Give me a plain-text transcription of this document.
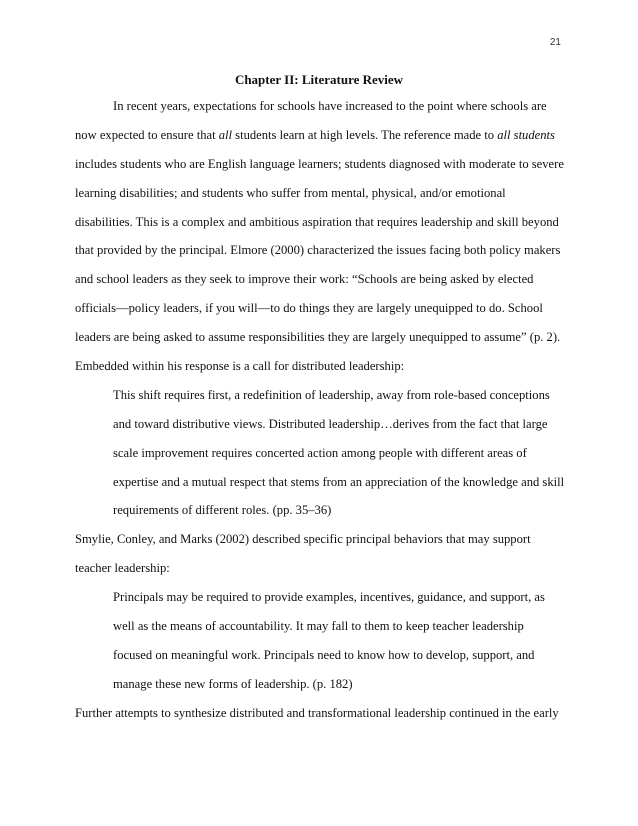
21
Chapter II: Literature Review
In recent years, expectations for schools have increased to the point where schools are
now expected to ensure that all students learn at high levels. The reference made to all students
includes students who are English language learners; students diagnosed with moderate to severe
learning disabilities; and students who suffer from mental, physical, and/or emotional
disabilities. This is a complex and ambitious aspiration that requires leadership and skill beyond
that provided by the principal. Elmore (2000) characterized the issues facing both policy makers
and school leaders as they seek to improve their work: “Schools are being asked by elected
officials—policy leaders, if you will—to do things they are largely unequipped to do. School
leaders are being asked to assume responsibilities they are largely unequipped to assume” (p. 2).
Embedded within his response is a call for distributed leadership:
This shift requires first, a redefinition of leadership, away from role-based conceptions
and toward distributive views. Distributed leadership…derives from the fact that large
scale improvement requires concerted action among people with different areas of
expertise and a mutual respect that stems from an appreciation of the knowledge and skill
requirements of different roles. (pp. 35–36)
Smylie, Conley, and Marks (2002) described specific principal behaviors that may support
teacher leadership:
Principals may be required to provide examples, incentives, guidance, and support, as
well as the means of accountability. It may fall to them to keep teacher leadership
focused on meaningful work. Principals need to know how to develop, support, and
manage these new forms of leadership. (p. 182)
Further attempts to synthesize distributed and transformational leadership continued in the early
